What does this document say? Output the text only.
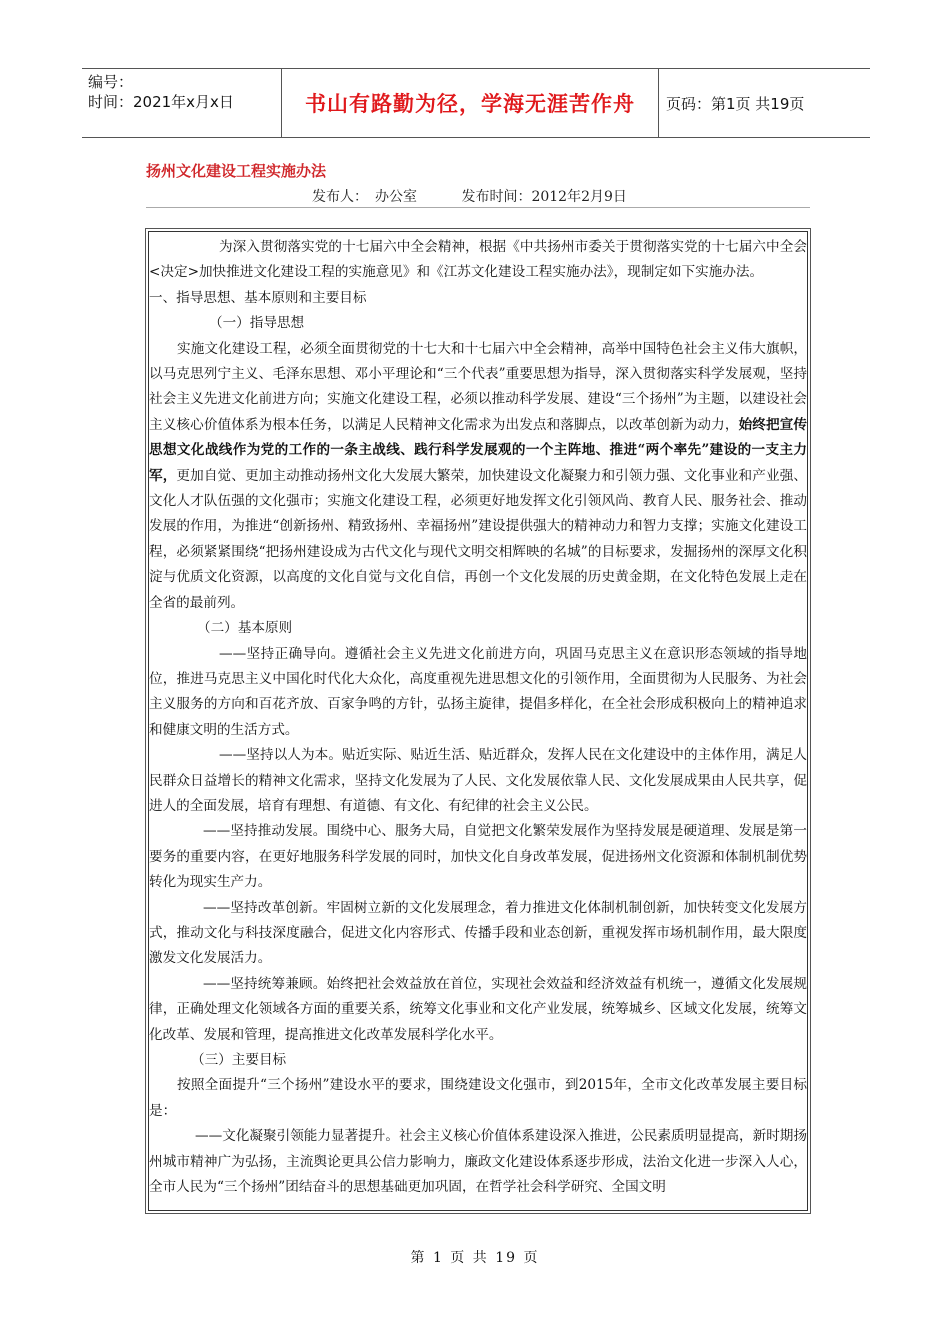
编号：
时间：2021年x月x日	书山有路勤为径，学海无涯苦作舟	页码：第1页 共19页
扬州文化建设工程实施办法
发布人：　办公室	发布时间：2012年2月9日

为深入贯彻落实党的十七届六中全会精神，根据《中共扬州市委关于贯彻落实党的十七届六中全会<决定>加快推进文化建设工程的实施意见》和《江苏文化建设工程实施办法》，现制定如下实施办法。

一、指导思想、基本原则和主要目标

（一）指导思想

实施文化建设工程，必须全面贯彻党的十七大和十七届六中全会精神，高举中国特色社会主义伟大旗帜，以马克思列宁主义、毛泽东思想、邓小平理论和“三个代表”重要思想为指导，深入贯彻落实科学发展观，坚持社会主义先进文化前进方向；实施文化建设工程，必须以推动科学发展、建设“三个扬州”为主题，以建设社会主义核心价值体系为根本任务，以满足人民精神文化需求为出发点和落脚点，以改革创新为动力，始终把宣传思想文化战线作为党的工作的一条主战线、践行科学发展观的一个主阵地、推进“两个率先”建设的一支主力军，更加自觉、更加主动推动扬州文化大发展大繁荣，加快建设文化凝聚力和引领力强、文化事业和产业强、文化人才队伍强的文化强市；实施文化建设工程，必须更好地发挥文化引领风尚、教育人民、服务社会、推动发展的作用，为推进“创新扬州、精致扬州、幸福扬州”建设提供强大的精神动力和智力支撑；实施文化建设工程，必须紧紧围绕“把扬州建设成为古代文化与现代文明交相辉映的名城”的目标要求，发掘扬州的深厚文化积淀与优质文化资源，以高度的文化自觉与文化自信，再创一个文化发展的历史黄金期，在文化特色发展上走在全省的最前列。

（二）基本原则

——坚持正确导向。遵循社会主义先进文化前进方向，巩固马克思主义在意识形态领域的指导地位，推进马克思主义中国化时代化大众化，高度重视先进思想文化的引领作用，全面贯彻为人民服务、为社会主义服务的方向和百花齐放、百家争鸣的方针，弘扬主旋律，提倡多样化，在全社会形成积极向上的精神追求和健康文明的生活方式。

——坚持以人为本。贴近实际、贴近生活、贴近群众，发挥人民在文化建设中的主体作用，满足人民群众日益增长的精神文化需求，坚持文化发展为了人民、文化发展依靠人民、文化发展成果由人民共享，促进人的全面发展，培育有理想、有道德、有文化、有纪律的社会主义公民。

——坚持推动发展。围绕中心、服务大局，自觉把文化繁荣发展作为坚持发展是硬道理、发展是第一要务的重要内容，在更好地服务科学发展的同时，加快文化自身改革发展，促进扬州文化资源和体制机制优势转化为现实生产力。

——坚持改革创新。牢固树立新的文化发展理念，着力推进文化体制机制创新，加快转变文化发展方式，推动文化与科技深度融合，促进文化内容形式、传播手段和业态创新，重视发挥市场机制作用，最大限度激发文化发展活力。

——坚持统筹兼顾。始终把社会效益放在首位，实现社会效益和经济效益有机统一，遵循文化发展规律，正确处理文化领域各方面的重要关系，统筹文化事业和文化产业发展，统筹城乡、区域文化发展，统筹文化改革、发展和管理，提高推进文化改革发展科学化水平。

（三）主要目标

按照全面提升“三个扬州”建设水平的要求，围绕建设文化强市，到2015年，全市文化改革发展主要目标是：

——文化凝聚引领能力显著提升。社会主义核心价值体系建设深入推进，公民素质明显提高，新时期扬州城市精神广为弘扬，主流舆论更具公信力影响力，廉政文化建设体系逐步形成，法治文化进一步深入人心，全市人民为“三个扬州”团结奋斗的思想基础更加巩固，在哲学社会科学研究、全国文明

第 1 页 共 19 页
